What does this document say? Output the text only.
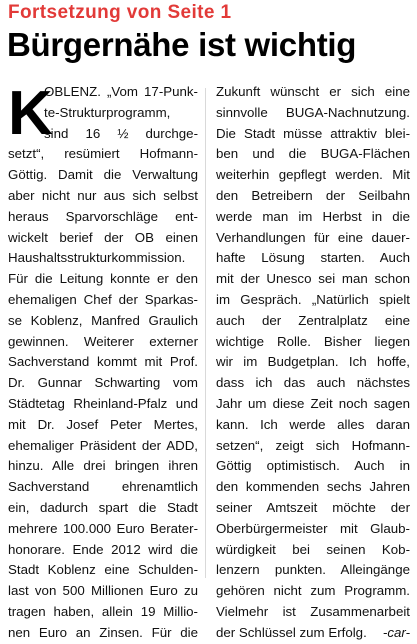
Fortsetzung von Seite 1
Bürgernähe ist wichtig
K
OBLENZ. „Vom 17-Punk-
te-Strukturprogramm,
sind 16 ½ durchge-
setzt“, resümiert Hofmann-
Göttig. Damit die Verwaltung
aber nicht nur aus sich selbst
heraus Sparvorschläge ent-
wickelt berief der OB einen
Haushaltsstrukturkommission.
Für die Leitung konnte er den
ehemaligen Chef der Sparkas-
se Koblenz, Manfred Graulich
gewinnen. Weiterer externer
Sachverstand kommt mit Prof.
Dr. Gunnar Schwarting vom
Städtetag Rheinland-Pfalz und
mit Dr. Josef Peter Mertes,
ehemaliger Präsident der ADD,
hinzu. Alle drei bringen ihren
Sachverstand ehrenamtlich
ein, dadurch spart die Stadt
mehrere 100.000 Euro Berater-
honorare. Ende 2012 wird die
Stadt Koblenz eine Schulden-
last von 500 Millionen Euro zu
tragen haben, allein 19 Millio-
nen Euro an Zinsen. Für die
Zukunft wünscht er sich eine
sinnvolle BUGA-Nachnutzung.
Die Stadt müsse attraktiv blei-
ben und die BUGA-Flächen
weiterhin gepflegt werden. Mit
den Betreibern der Seilbahn
werde man im Herbst in die
Verhandlungen für eine dauer-
hafte Lösung starten. Auch
mit der Unesco sei man schon
im Gespräch. „Natürlich spielt
auch der Zentralplatz eine
wichtige Rolle. Bisher liegen
wir im Budgetplan. Ich hoffe,
dass ich das auch nächstes
Jahr um diese Zeit noch sagen
kann. Ich werde alles daran
setzen“, zeigt sich Hofmann-
Göttig optimistisch. Auch in
den kommenden sechs Jahren
seiner Amtszeit möchte der
Oberbürgermeister mit Glaub-
würdigkeit bei seinen Kob-
lenzern punkten. Alleingänge
gehören nicht zum Programm.
Vielmehr ist Zusammenarbeit
der Schlüssel zum Erfolg. -car-
